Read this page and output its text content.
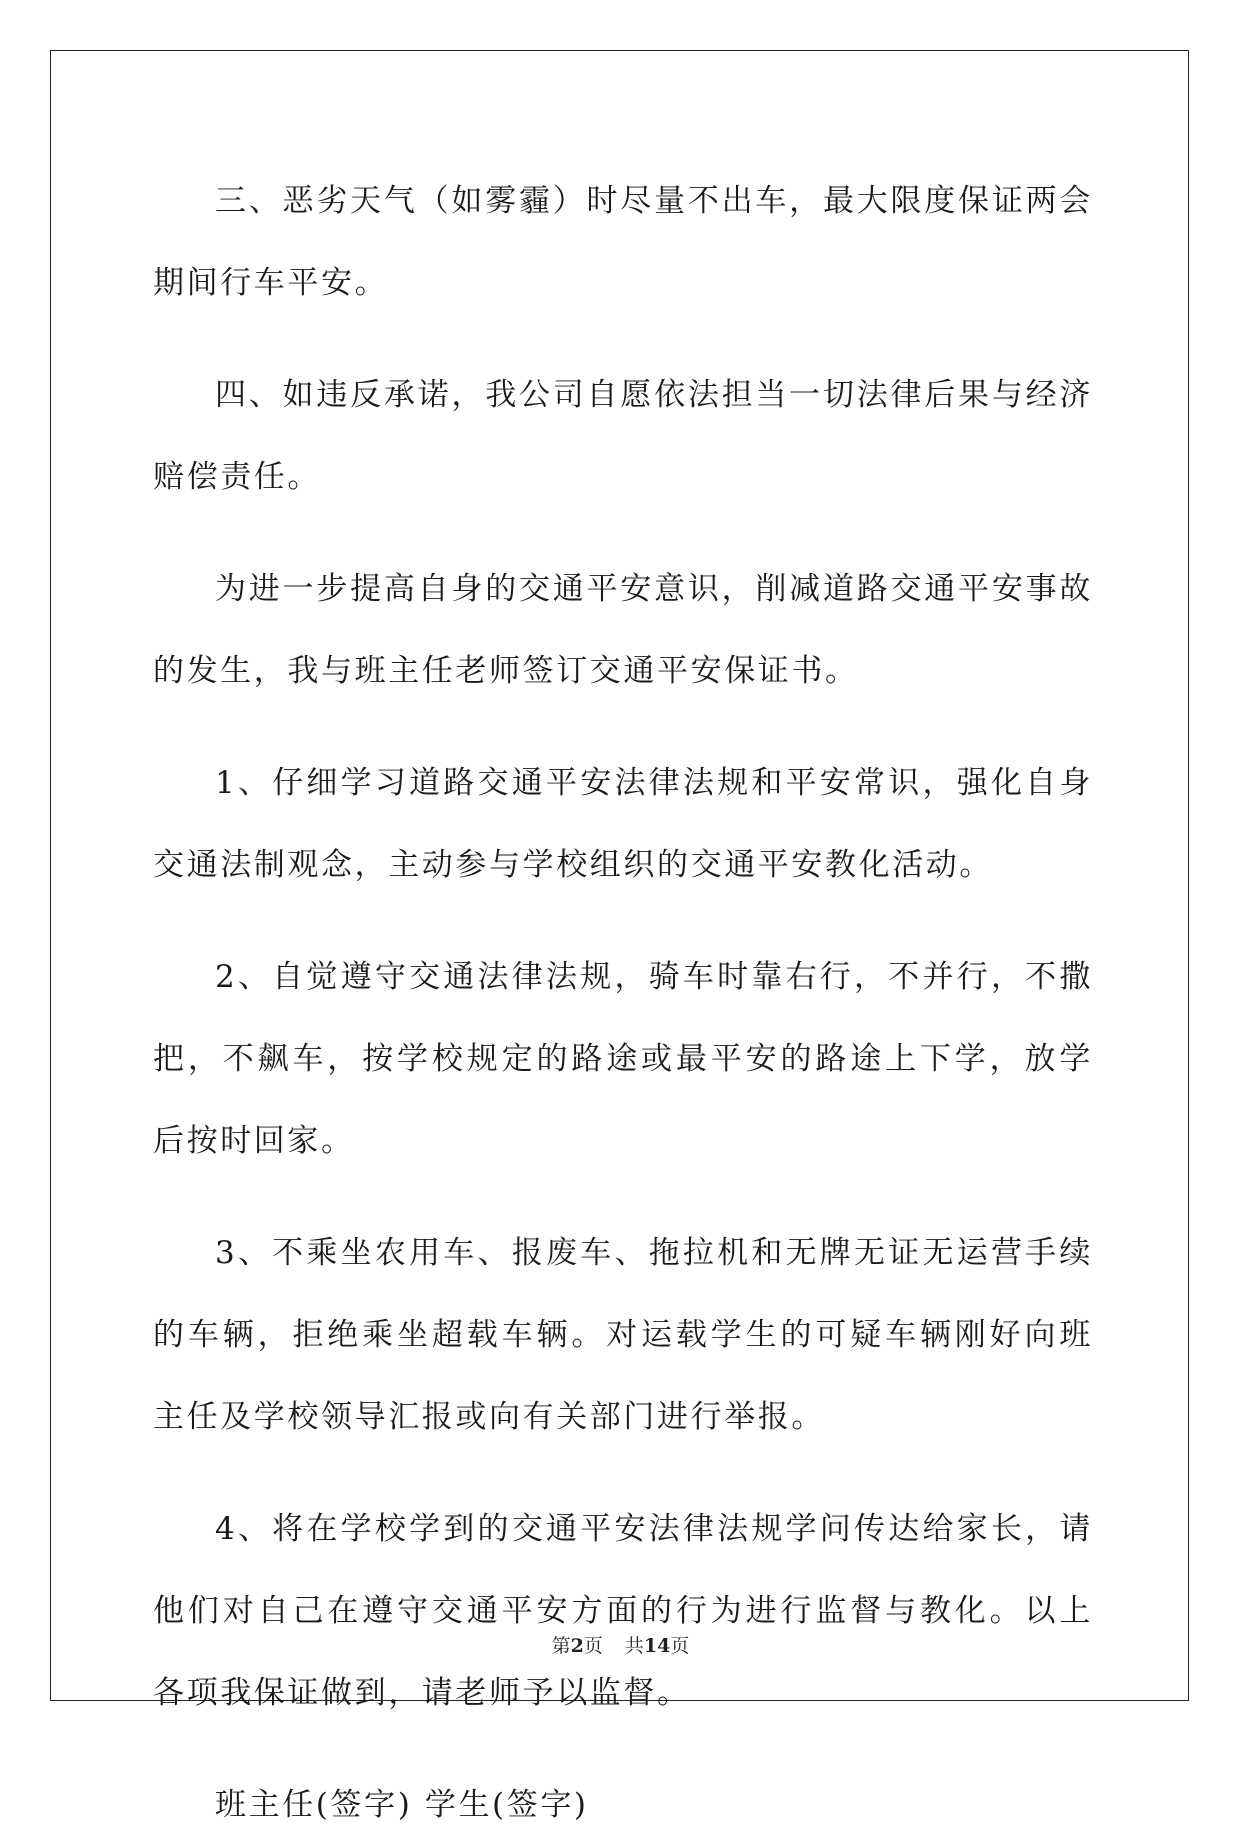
三、恶劣天气（如雾霾）时尽量不出车，最大限度保证两会期间行车平安。

四、如违反承诺，我公司自愿依法担当一切法律后果与经济赔偿责任。

为进一步提高自身的交通平安意识，削减道路交通平安事故的发生，我与班主任老师签订交通平安保证书。

1、仔细学习道路交通平安法律法规和平安常识，强化自身交通法制观念，主动参与学校组织的交通平安教化活动。

2、自觉遵守交通法律法规，骑车时靠右行，不并行，不撒把，不飙车，按学校规定的路途或最平安的路途上下学，放学后按时回家。

3、不乘坐农用车、报废车、拖拉机和无牌无证无运营手续的车辆，拒绝乘坐超载车辆。对运载学生的可疑车辆刚好向班主任及学校领导汇报或向有关部门进行举报。

4、将在学校学到的交通平安法律法规学问传达给家长，请他们对自己在遵守交通平安方面的行为进行监督与教化。以上各项我保证做到，请老师予以监督。

班主任(签字) 学生(签字)

第2页 共14页
